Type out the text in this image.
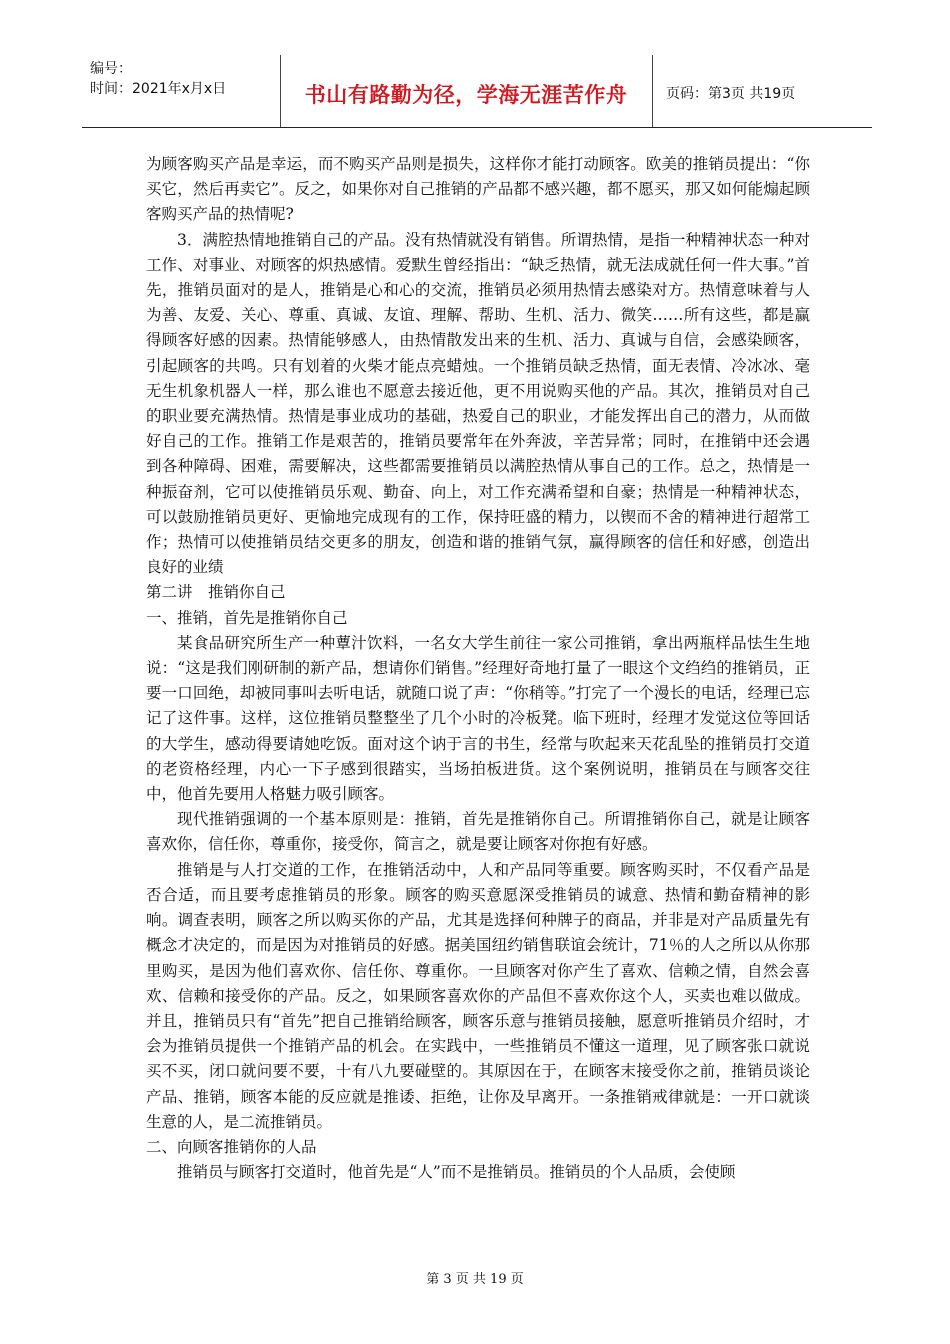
编号：
时间：2021年x月x日	书山有路勤为径，学海无涯苦作舟	页码：第3页 共19页

为顾客购买产品是幸运，而不购买产品则是损失，这样你才能打动顾客。欧美的推销员提出：“你买它，然后再卖它”。反之，如果你对自己推销的产品都不感兴趣，都不愿买，那又如何能煽起顾客购买产品的热情呢?

3．满腔热情地推销自己的产品。没有热情就没有销售。所谓热情，是指一种精神状态一种对工作、对事业、对顾客的炽热感情。爱默生曾经指出：“缺乏热情，就无法成就任何一件大事。”首先，推销员面对的是人，推销是心和心的交流，推销员必须用热情去感染对方。热情意味着与人为善、友爱、关心、尊重、真诚、友谊、理解、帮助、生机、活力、微笑……所有这些，都是赢得顾客好感的因素。热情能够感人，由热情散发出来的生机、活力、真诚与自信，会感染顾客，引起顾客的共鸣。只有划着的火柴才能点亮蜡烛。一个推销员缺乏热情，面无表情、冷冰冰、毫无生机象机器人一样，那么谁也不愿意去接近他，更不用说购买他的产品。其次，推销员对自己的职业要充满热情。热情是事业成功的基础，热爱自己的职业，才能发挥出自己的潜力，从而做好自己的工作。推销工作是艰苦的，推销员要常年在外奔波，辛苦异常；同时，在推销中还会遇到各种障碍、困难，需要解决，这些都需要推销员以满腔热情从事自己的工作。总之，热情是一种振奋剂，它可以使推销员乐观、勤奋、向上，对工作充满希望和自豪；热情是一种精神状态，可以鼓励推销员更好、更愉地完成现有的工作，保持旺盛的精力，以锲而不舍的精神进行超常工作；热情可以使推销员结交更多的朋友，创造和谐的推销气氛，赢得顾客的信任和好感，创造出良好的业绩

第二讲　推销你自己

一、推销，首先是推销你自己

某食品研究所生产一种蕈汁饮料，一名女大学生前往一家公司推销，拿出两瓶样品怯生生地说：“这是我们刚研制的新产品，想请你们销售。”经理好奇地打量了一眼这个文绉绉的推销员，正要一口回绝，却被同事叫去听电话，就随口说了声：“你稍等。”打完了一个漫长的电话，经理已忘记了这件事。这样，这位推销员整整坐了几个小时的冷板凳。临下班时，经理才发觉这位等回话的大学生，感动得要请她吃饭。面对这个讷于言的书生，经常与吹起来天花乱坠的推销员打交道的老资格经理，内心一下子感到很踏实，当场拍板进货。这个案例说明，推销员在与顾客交往中，他首先要用人格魅力吸引顾客。

现代推销强调的一个基本原则是：推销，首先是推销你自己。所谓推销你自己，就是让顾客喜欢你，信任你，尊重你，接受你，简言之，就是要让顾客对你抱有好感。

推销是与人打交道的工作，在推销活动中，人和产品同等重要。顾客购买时，不仅看产品是否合适，而且要考虑推销员的形象。顾客的购买意愿深受推销员的诚意、热情和勤奋精神的影响。调查表明，顾客之所以购买你的产品，尤其是选择何种牌子的商品，并非是对产品质量先有概念才决定的，而是因为对推销员的好感。据美国纽约销售联谊会统计，71％的人之所以从你那里购买，是因为他们喜欢你、信任你、尊重你。一旦顾客对你产生了喜欢、信赖之情，自然会喜欢、信赖和接受你的产品。反之，如果顾客喜欢你的产品但不喜欢你这个人，买卖也难以做成。并且，推销员只有“首先”把自己推销给顾客，顾客乐意与推销员接触，愿意听推销员介绍时，才会为推销员提供一个推销产品的机会。在实践中，一些推销员不懂这一道理，见了顾客张口就说买不买，闭口就问要不要，十有八九要碰壁的。其原因在于，在顾客末接受你之前，推销员谈论产品、推销，顾客本能的反应就是推诿、拒绝，让你及早离开。一条推销戒律就是：一开口就谈生意的人，是二流推销员。

二、向顾客推销你的人品

推销员与顾客打交道时，他首先是“人”而不是推销员。推销员的个人品质，会使顾

第 3 页 共 19 页
